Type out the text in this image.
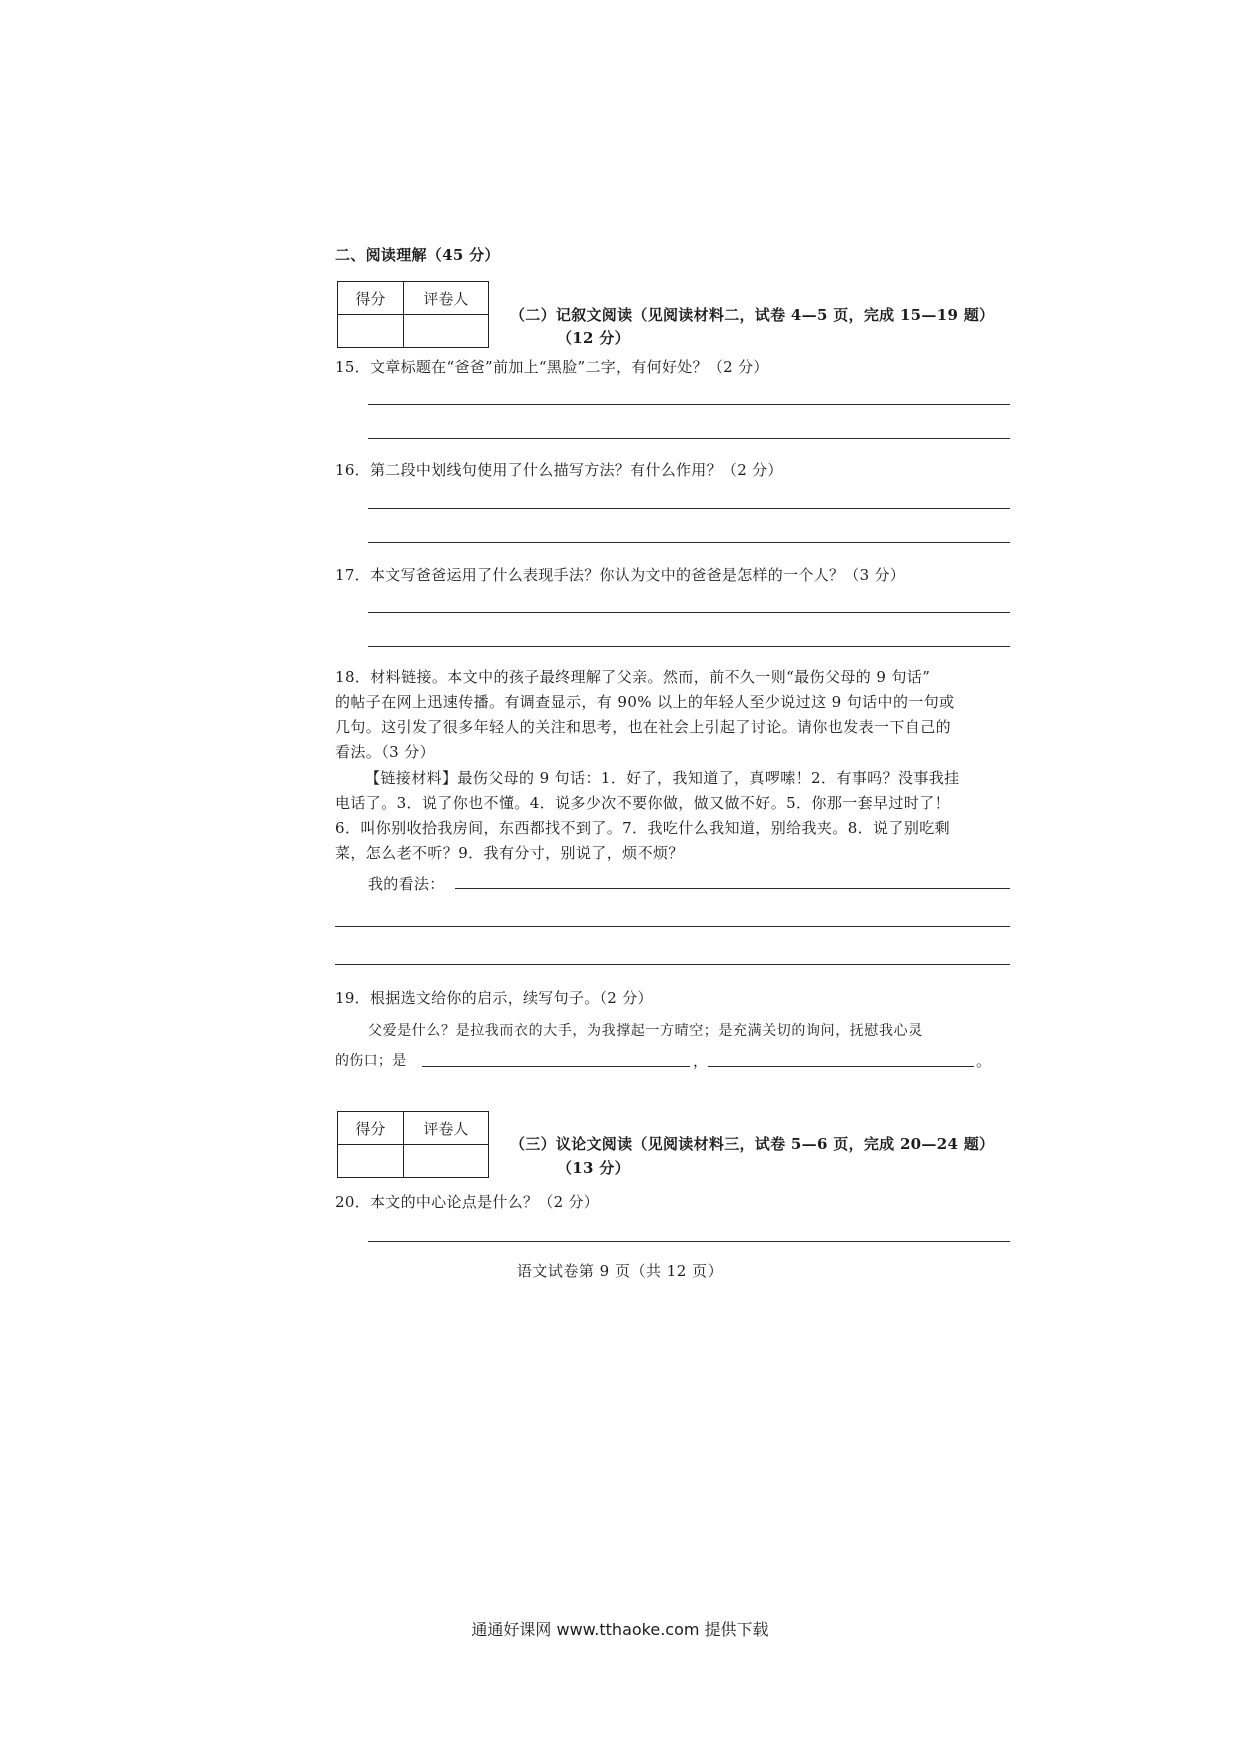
二、阅读理解（45 分）
得分	评卷人

（二）记叙文阅读（见阅读材料二，试卷 4—5 页，完成 15—19 题）
（12 分）
15．文章标题在“爸爸”前加上“黑脸”二字，有何好处？（2 分）
16．第二段中划线句使用了什么描写方法？有什么作用？（2 分）
17．本文写爸爸运用了什么表现手法？你认为文中的爸爸是怎样的一个人？（3 分）

18．材料链接。本文中的孩子最终理解了父亲。然而，前不久一则“最伤父母的 9 句话”

的帖子在网上迅速传播。有调查显示，有 90% 以上的年轻人至少说过这 9 句话中的一句或

几句。这引发了很多年轻人的关注和思考，也在社会上引起了讨论。请你也发表一下自己的

看法。（3 分）

【链接材料】最伤父母的 9 句话：1．好了，我知道了，真啰嗦！2．有事吗？没事我挂

电话了。3．说了你也不懂。4．说多少次不要你做，做又做不好。5．你那一套早过时了！

6．叫你别收拾我房间，东西都找不到了。7．我吃什么我知道，别给我夹。8．说了别吃剩

菜，怎么老不听？9．我有分寸，别说了，烦不烦？

我的看法：
19．根据选文给你的启示，续写句子。（2 分）
父爱是什么？是拉我而衣的大手，为我撑起一方晴空；是充满关切的询问，抚慰我心灵
的伤口；是	，	。
得分	评卷人

（三）议论文阅读（见阅读材料三，试卷 5—6 页，完成 20—24 题）
（13 分）
20．本文的中心论点是什么？（2 分）
语文试卷第 9 页（共 12 页）
通通好课网 www.tthaoke.com 提供下载
